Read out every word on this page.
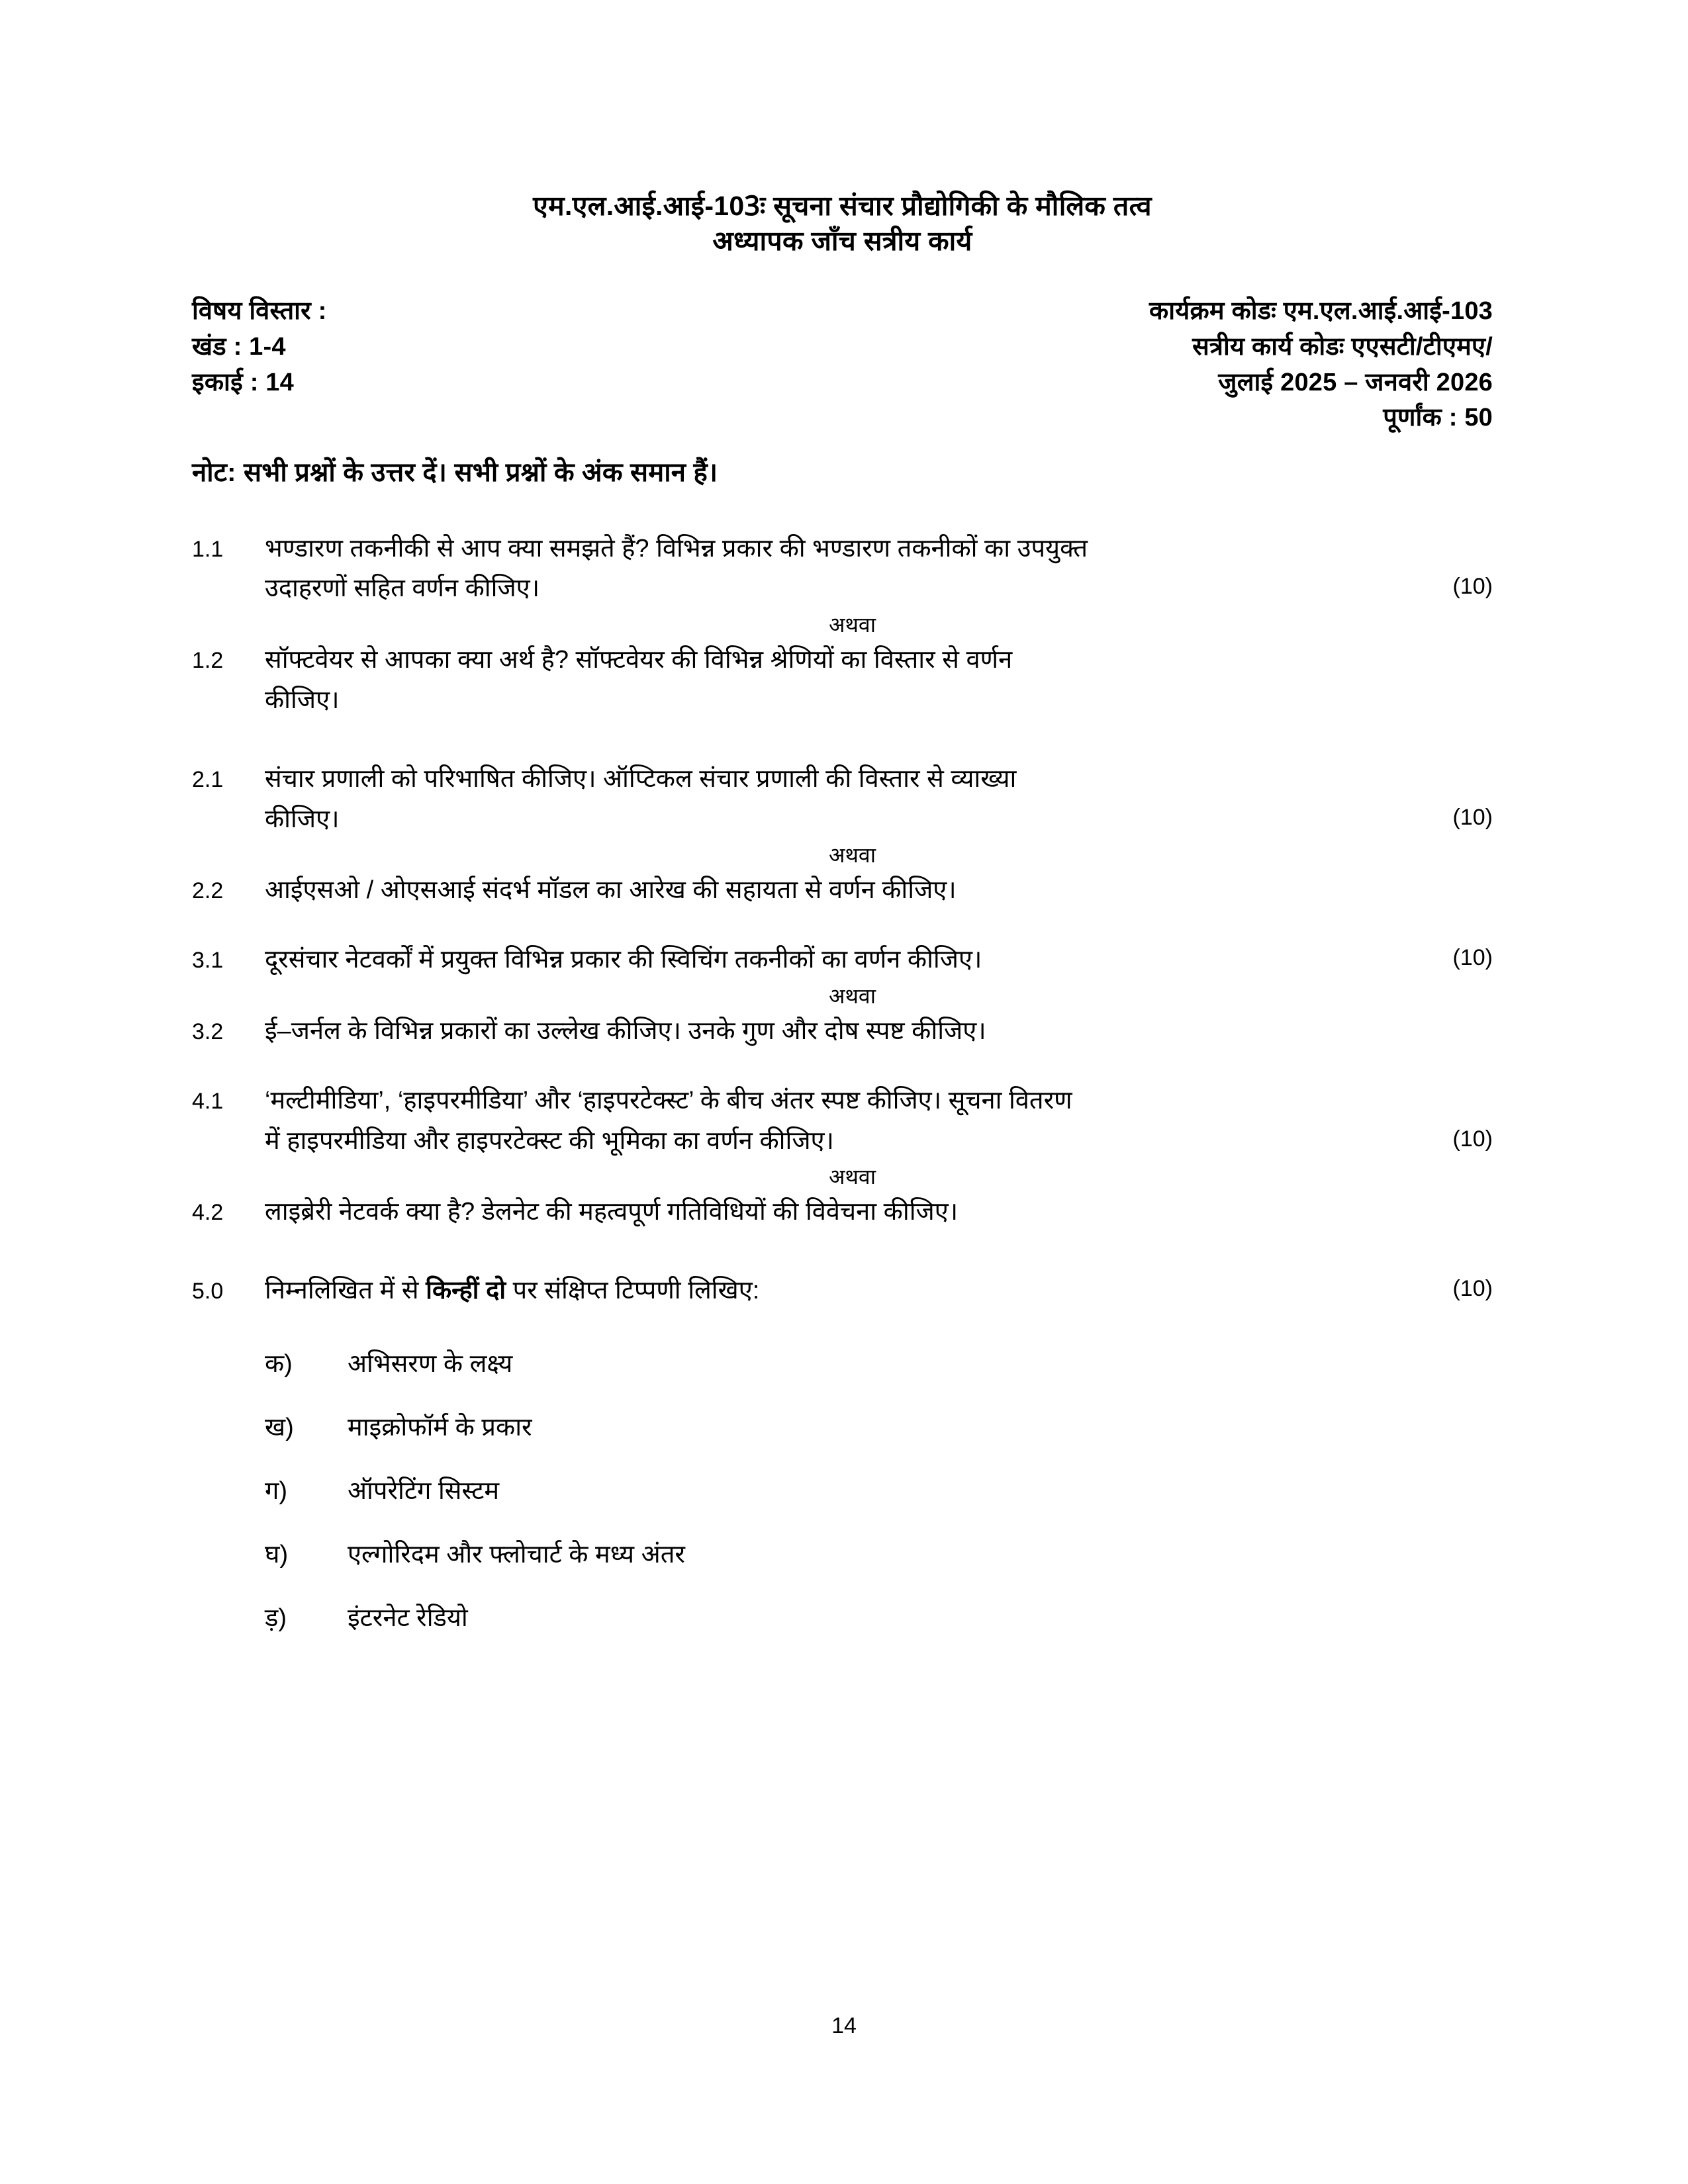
एम.एल.आई.आई-103ः सूचना संचार प्रौद्योगिकी के मौलिक तत्व
अध्यापक जाँच सत्रीय कार्य
विषय विस्तार :
खंड : 1-4
इकाई : 14
कार्यक्रम कोडः एम.एल.आई.आई-103
सत्रीय कार्य कोडः एएसटी/टीएमए/
जुलाई 2025 – जनवरी 2026
पूर्णांक : 50
नोट: सभी प्रश्नों के उत्तर दें। सभी प्रश्नों के अंक समान हैं।
1.1	भण्डारण तकनीकी से आप क्या समझते हैं? विभिन्न प्रकार की भण्डारण तकनीकों का उपयुक्त
उदाहरणों सहित वर्णन कीजिए।	(10)
अथवा
1.2	सॉफ्टवेयर से आपका क्या अर्थ है? सॉफ्टवेयर की विभिन्न श्रेणियों का विस्तार से वर्णन
कीजिए।
2.1	संचार प्रणाली को परिभाषित कीजिए। ऑप्टिकल संचार प्रणाली की विस्तार से व्याख्या
कीजिए।	(10)
अथवा
2.2	आईएसओ / ओएसआई संदर्भ मॉडल का आरेख की सहायता से वर्णन कीजिए।
3.1	दूरसंचार नेटवर्कों में प्रयुक्त विभिन्न प्रकार की स्विचिंग तकनीकों का वर्णन कीजिए।	(10)
अथवा
3.2	ई–जर्नल के विभिन्न प्रकारों का उल्लेख कीजिए। उनके गुण और दोष स्पष्ट कीजिए।
4.1	‘मल्टीमीडिया’, ‘हाइपरमीडिया’ और ‘हाइपरटेक्स्ट’ के बीच अंतर स्पष्ट कीजिए। सूचना वितरण
में हाइपरमीडिया और हाइपरटेक्स्ट की भूमिका का वर्णन कीजिए।	(10)
अथवा
4.2	लाइब्रेरी नेटवर्क क्या है? डेलनेट की महत्वपूर्ण गतिविधियों की विवेचना कीजिए।
5.0	निम्नलिखित में से किन्हीं दो पर संक्षिप्त टिप्पणी लिखिए:	(10)
क)	अभिसरण के लक्ष्य
ख)	माइक्रोफॉर्म के प्रकार
ग)	ऑपरेटिंग सिस्टम
घ)	एल्गोरिदम और फ्लोचार्ट के मध्य अंतर
ड़)	इंटरनेट रेडियो
14
